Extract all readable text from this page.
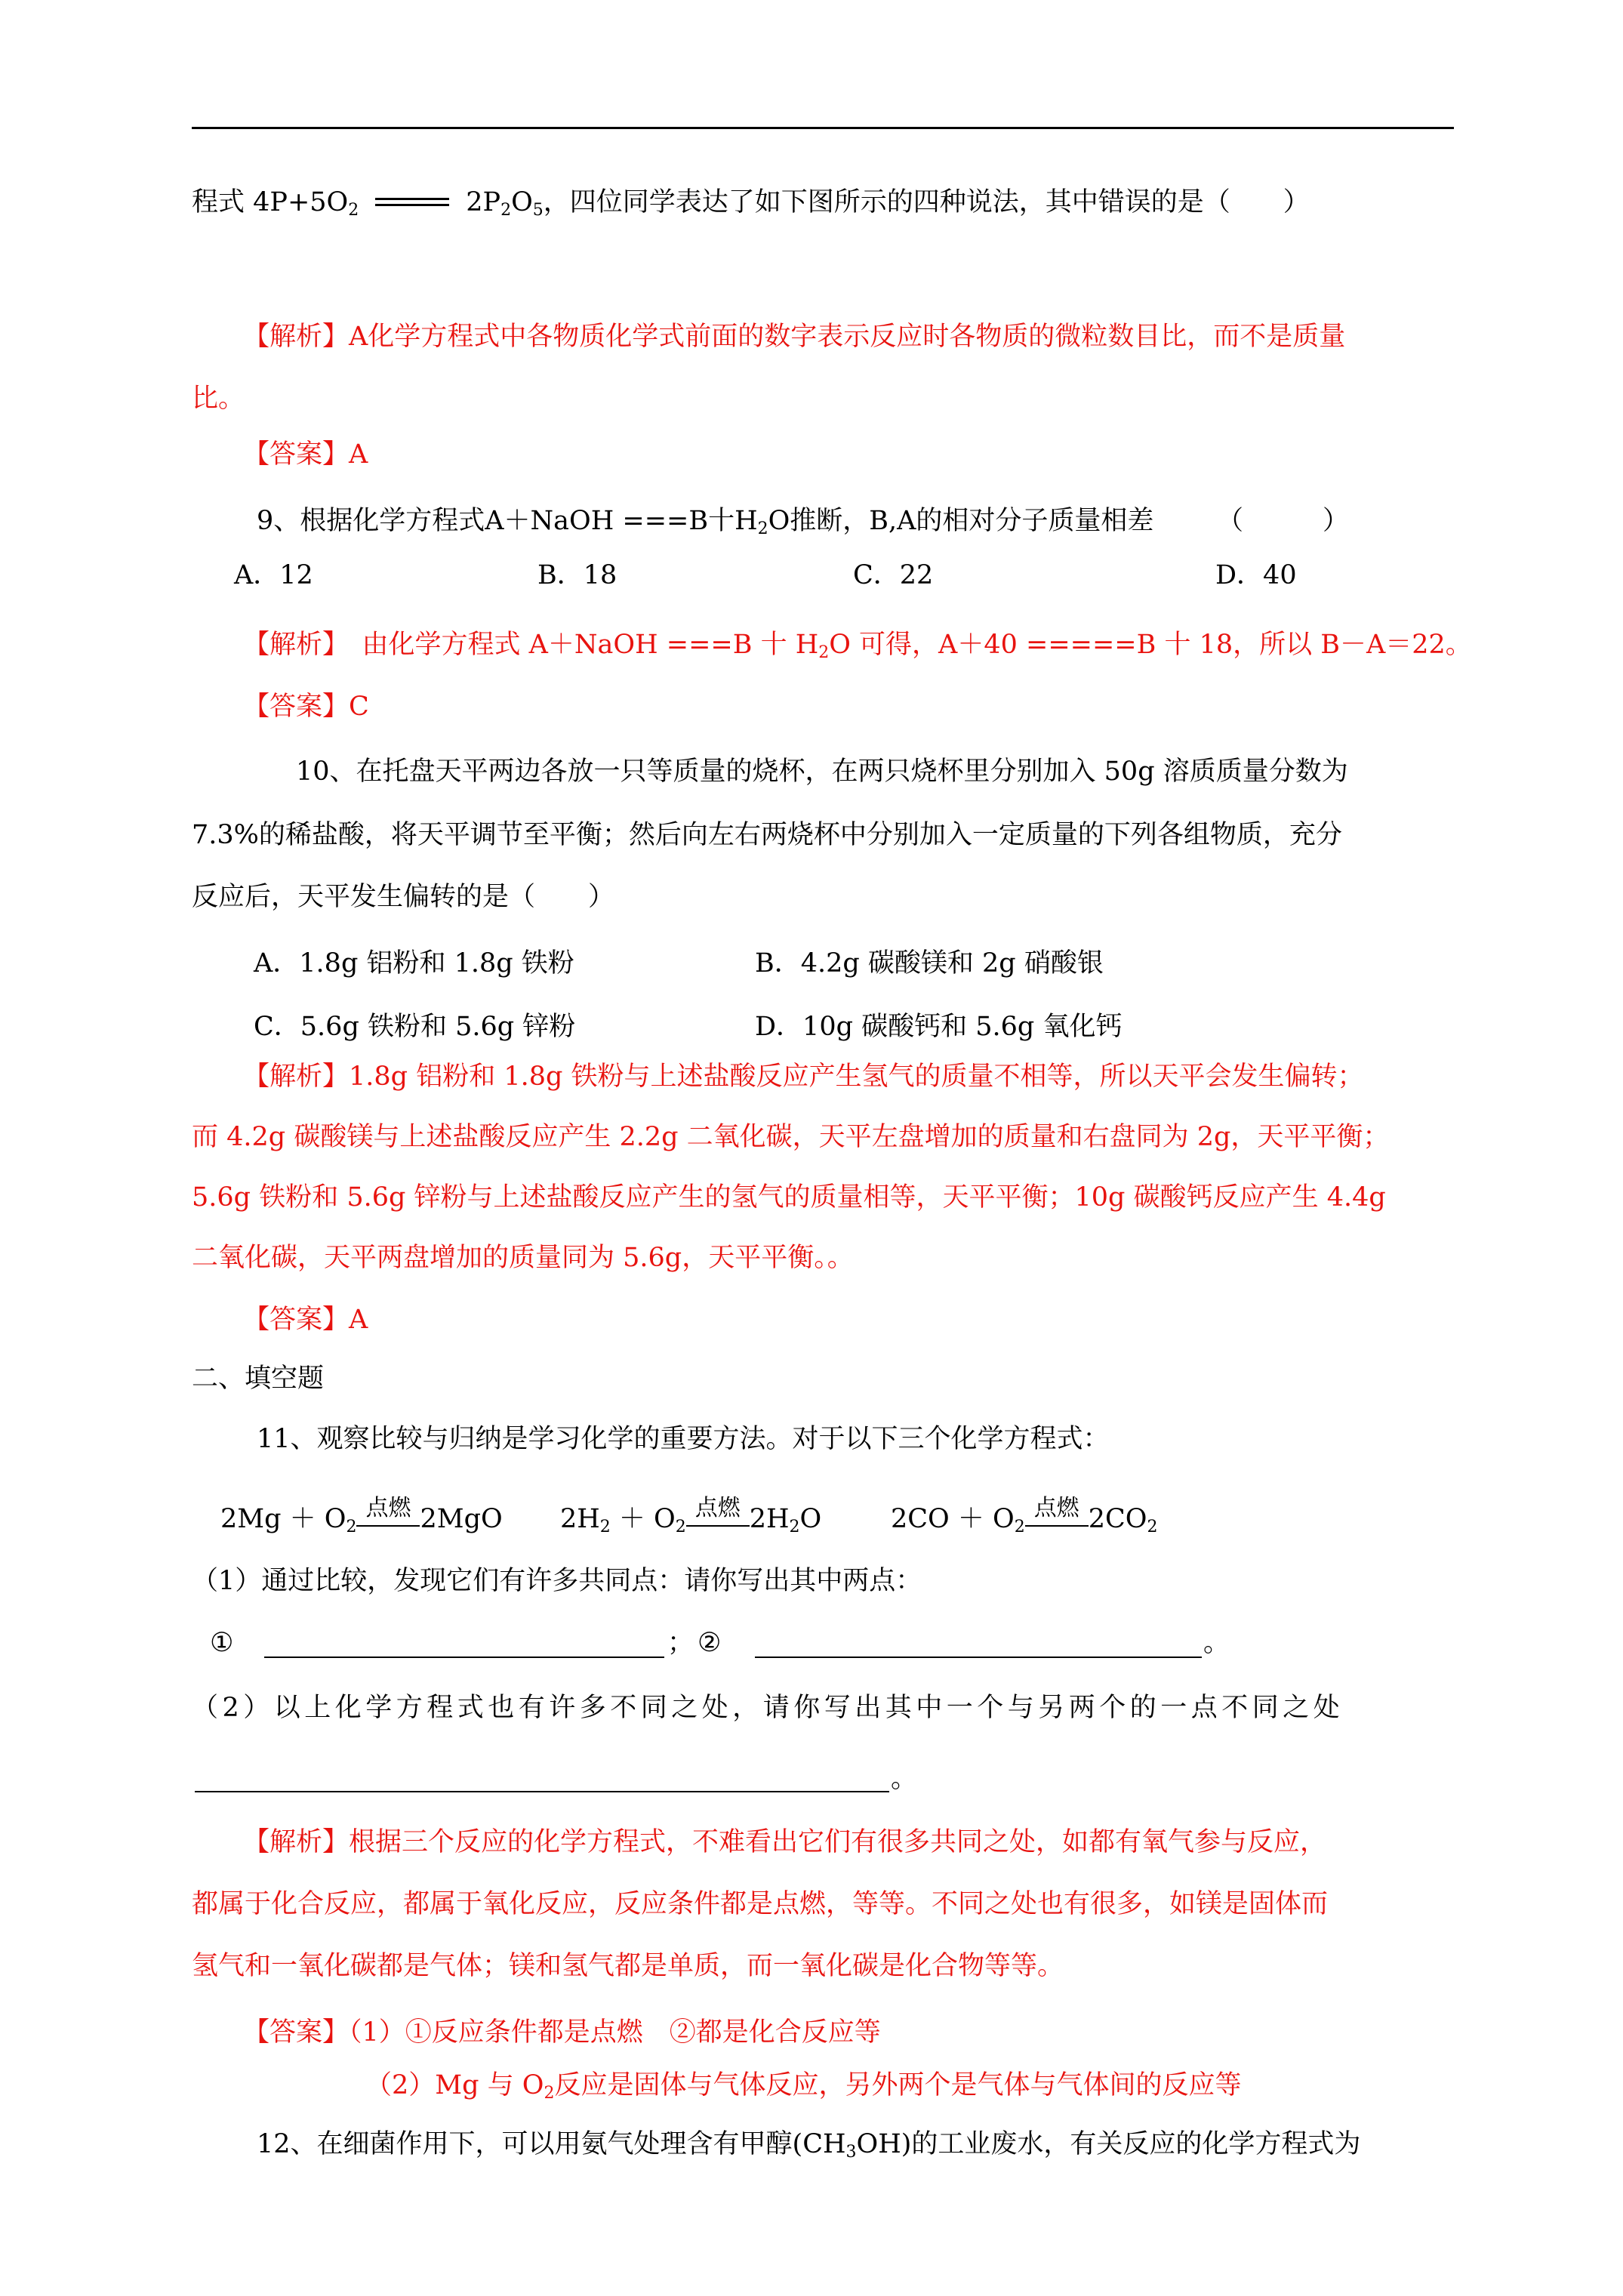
程式 $4P+5O_2$	$2P_2O_5$，四位同学表达了如下图所示的四种说法，其中错误的是（　　）
【解析】A化学方程式中各物质化学式前面的数字表示反应时各物质的微粒数目比，而不是质量
比。
【答案】A
9、根据化学方程式A＋NaOH ===B十$H_2O$推断，B,A的相对分子质量相差 （　　　）
A．12	B．18	C．22	D．40
【解析】　由化学方程式 A＋NaOH ===B 十 $H_2O$ 可得，A＋40 =====B 十 18，所以 B－A＝22。
【答案】C
10、在托盘天平两边各放一只等质量的烧杯，在两只烧杯里分别加入 50g 溶质质量分数为
7.3%的稀盐酸，将天平调节至平衡；然后向左右两烧杯中分别加入一定质量的下列各组物质，充分
反应后，天平发生偏转的是（　　）
A．1.8g 铝粉和 1.8g 铁粉	B．4.2g 碳酸镁和 2g 硝酸银
C．5.6g 铁粉和 5.6g 锌粉	D．10g 碳酸钙和 5.6g 氧化钙
【解析】1.8g 铝粉和 1.8g 铁粉与上述盐酸反应产生氢气的质量不相等，所以天平会发生偏转；
而 4.2g 碳酸镁与上述盐酸反应产生 2.2g 二氧化碳，天平左盘增加的质量和右盘同为 2g，天平平衡；
5.6g 铁粉和 5.6g 锌粉与上述盐酸反应产生的氢气的质量相等，天平平衡；10g 碳酸钙反应产生 4.4g
二氧化碳，天平两盘增加的质量同为 5.6g，天平平衡。。
【答案】A
二、填空题
11、观察比较与归纳是学习化学的重要方法。对于以下三个化学方程式：
$2Mg + O_2$
点燃 2MgO $2H_2 + O_2$
点燃 $2H_2O$	$2CO + O_2$
点燃 $2CO_2$
（1）通过比较，发现它们有许多共同点：请你写出其中两点：
①	； ②	。
（2）以上化学方程式也有许多不同之处，请你写出其中一个与另两个的一点不同之处
。
【解析】根据三个反应的化学方程式，不难看出它们有很多共同之处，如都有氧气参与反应，
都属于化合反应，都属于氧化反应，反应条件都是点燃，等等。不同之处也有很多，如镁是固体而
氢气和一氧化碳都是气体；镁和氢气都是单质，而一氧化碳是化合物等等。
【答案】（1）①反应条件都是点燃　②都是化合反应等
（2）Mg 与 $O_2$反应是固体与气体反应，另外两个是气体与气体间的反应等
12、在细菌作用下，可以用氨气处理含有甲醇$(CH_3OH)$的工业废水，有关反应的化学方程式为
